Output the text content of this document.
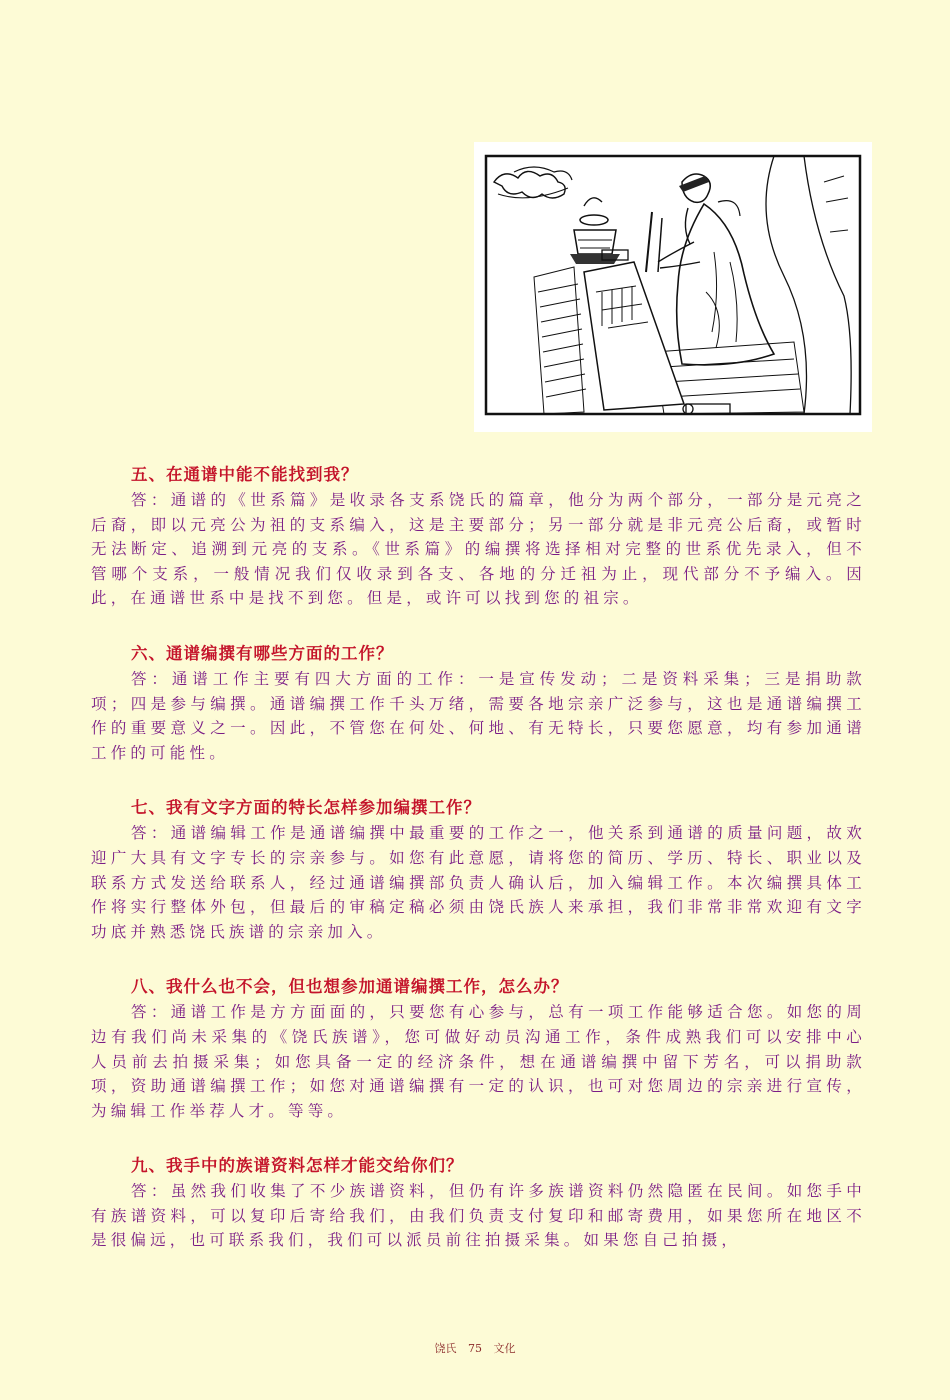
五、在通谱中能不能找到我？

答：通谱的《世系篇》是收录各支系饶氏的篇章，他分为两个部分，一部分是元亮之后裔，即以元亮公为祖的支系编入，这是主要部分；另一部分就是非元亮公后裔，或暂时无法断定、追溯到元亮的支系。《世系篇》的编撰将选择相对完整的世系优先录入，但不管哪个支系，一般情况我们仅收录到各支、各地的分迁祖为止，现代部分不予编入。因此，在通谱世系中是找不到您。但是，或许可以找到您的祖宗。

六、通谱编撰有哪些方面的工作？

答：通谱工作主要有四大方面的工作：一是宣传发动；二是资料采集；三是捐助款项；四是参与编撰。通谱编撰工作千头万绪，需要各地宗亲广泛参与，这也是通谱编撰工作的重要意义之一。因此，不管您在何处、何地、有无特长，只要您愿意，均有参加通谱工作的可能性。

七、我有文字方面的特长怎样参加编撰工作？

答：通谱编辑工作是通谱编撰中最重要的工作之一，他关系到通谱的质量问题，故欢迎广大具有文字专长的宗亲参与。如您有此意愿，请将您的简历、学历、特长、职业以及联系方式发送给联系人，经过通谱编撰部负责人确认后，加入编辑工作。本次编撰具体工作将实行整体外包，但最后的审稿定稿必须由饶氏族人来承担，我们非常非常欢迎有文字功底并熟悉饶氏族谱的宗亲加入。

八、我什么也不会，但也想参加通谱编撰工作，怎么办？

答：通谱工作是方方面面的，只要您有心参与，总有一项工作能够适合您。如您的周边有我们尚未采集的《饶氏族谱》，您可做好动员沟通工作，条件成熟我们可以安排中心人员前去拍摄采集；如您具备一定的经济条件，想在通谱编撰中留下芳名，可以捐助款项，资助通谱编撰工作；如您对通谱编撰有一定的认识，也可对您周边的宗亲进行宣传，为编辑工作举荐人才。等等。

九、我手中的族谱资料怎样才能交给你们？

答：虽然我们收集了不少族谱资料，但仍有许多族谱资料仍然隐匿在民间。如您手中有族谱资料，可以复印后寄给我们，由我们负责支付复印和邮寄费用，如果您所在地区不是很偏远，也可联系我们，我们可以派员前往拍摄采集。如果您自己拍摄，

饶氏 75 文化
